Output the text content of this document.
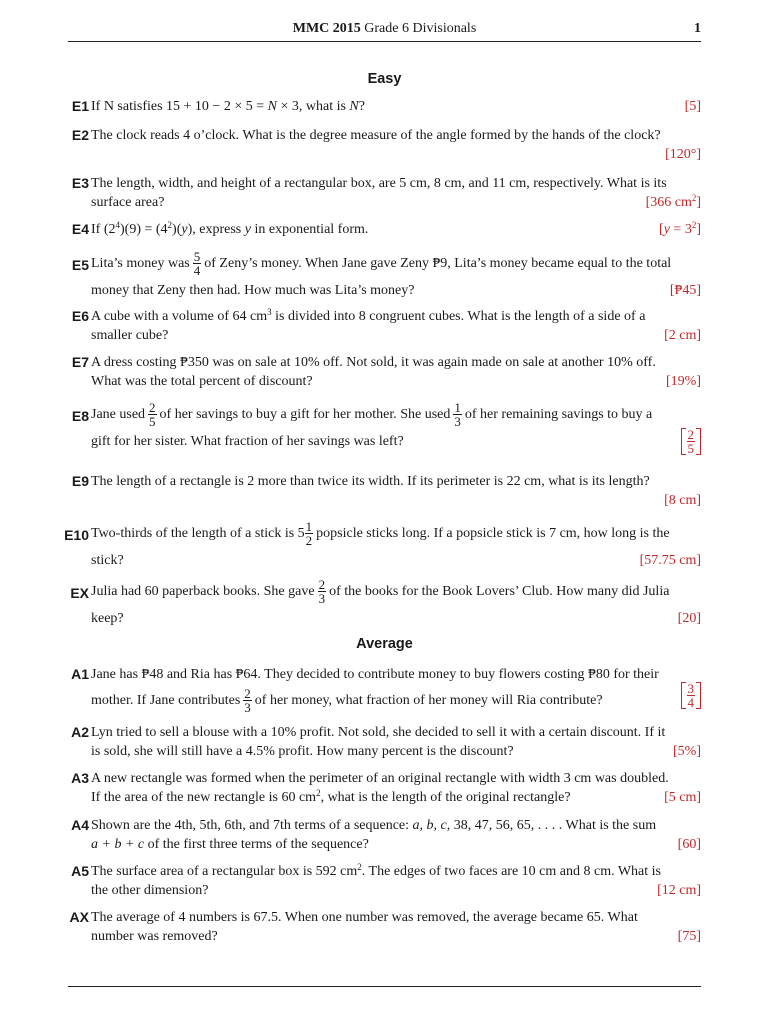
MMC 2015 Grade 6 Divisionals	1
Easy
E1 If N satisfies 15 + 10 − 2 × 5 = N × 3, what is N?	[5]
E2 The clock reads 4 o’clock. What is the degree measure of the angle formed by the hands of the clock?
[120°]
E3 The length, width, and height of a rectangular box, are 5 cm, 8 cm, and 11 cm, respectively. What is its
surface area?	[366 $cm^2$]
E4 If $(2^4)(9) = (4^2)(y)$, express y in exponential form.	$[y = 3^2]$
E5 Lita’s money was $\frac{5}{4}$ of Zeny’s money. When Jane gave Zeny ₱9, Lita’s money became equal to the total
money that Zeny then had. How much was Lita’s money?	[₱45]
E6 A cube with a volume of 64 $cm^3$ is divided into 8 congruent cubes. What is the length of a side of a
smaller cube?	[2 cm]
E7 A dress costing ₱350 was on sale at 10% off. Not sold, it was again made on sale at another 10% off.
What was the total percent of discount?	[19%]
E8 Jane used $\frac{2}{5}$ of her savings to buy a gift for her mother. She used $\frac{1}{3}$ of her remaining savings to buy a
gift for her sister. What fraction of her savings was left?	2
5
E9 The length of a rectangle is 2 more than twice its width. If its perimeter is 22 cm, what is its length?
[8 cm]
E10 Two-thirds of the length of a stick is $5 \frac{1}{2}$ popsicle sticks long. If a popsicle stick is 7 cm, how long is the
stick?	[57.75 cm]
EX Julia had 60 paperback books. She gave $\frac{2}{3}$ of the books for the Book Lovers’ Club. How many did Julia
keep?	[20]
Average
A1 Jane has ₱48 and Ria has ₱64. They decided to contribute money to buy flowers costing ₱80 for their
mother. If Jane contributes $\frac{2}{3}$ of her money, what fraction of her money will Ria contribute?
3
4
A2 Lyn tried to sell a blouse with a 10% profit. Not sold, she decided to sell it with a certain discount. If it
is sold, she will still have a 4.5% profit. How many percent is the discount?	[5%]
A3 A new rectangle was formed when the perimeter of an original rectangle with width 3 cm was doubled.
If the area of the new rectangle is 60 $cm^2$, what is the length of the original rectangle?	[5 cm]
A4 Shown are the 4th, 5th, 6th, and 7th terms of a sequence: a, b, c, 38, 47, 56, 65, . . . . What is the sum
a + b + c of the first three terms of the sequence?	[60]
A5 The surface area of a rectangular box is 592 $cm^2$. The edges of two faces are 10 cm and 8 cm. What is
the other dimension?	[12 cm]
AX The average of 4 numbers is 67.5. When one number was removed, the average became 65. What
number was removed?	[75]
